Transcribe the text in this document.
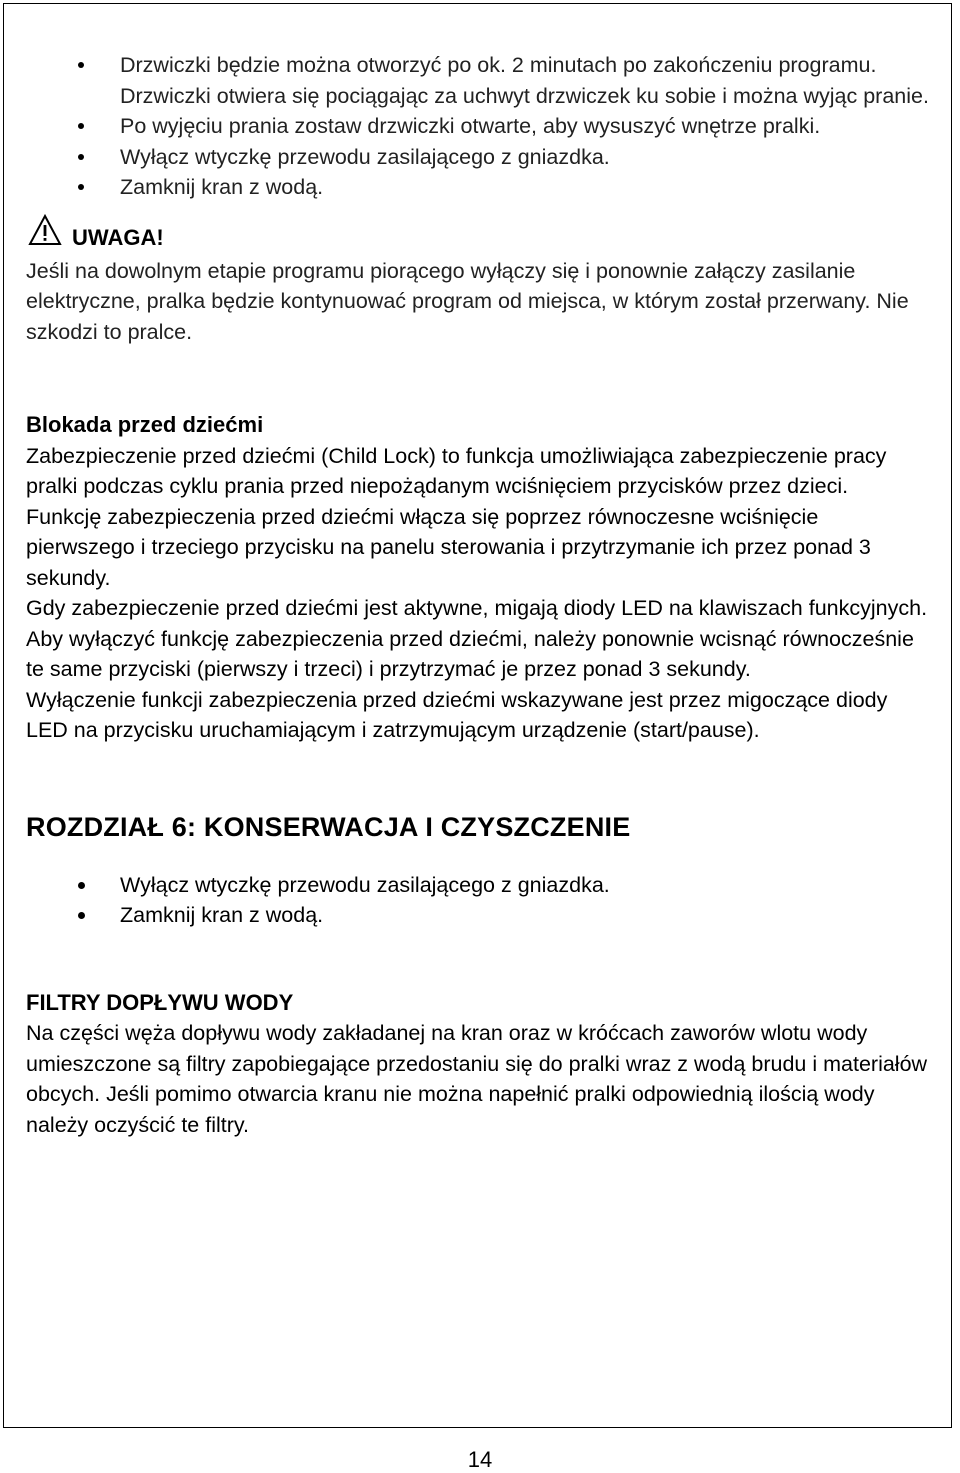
Drzwiczki będzie można otworzyć po ok. 2 minutach po zakończeniu programu. Drzwiczki otwiera się pociągając za uchwyt drzwiczek ku sobie i można wyjąc pranie.
Po wyjęciu prania zostaw drzwiczki otwarte, aby wysuszyć wnętrze pralki.
Wyłącz wtyczkę przewodu zasilającego z gniazdka.
Zamknij kran z wodą.
UWAGA!

Jeśli na dowolnym etapie programu piorącego wyłączy się i ponownie załączy zasilanie elektryczne, pralka będzie kontynuować program od miejsca, w którym został przerwany. Nie szkodzi to pralce.

Blokada przed dziećmi

Zabezpieczenie przed dziećmi (Child Lock) to funkcja umożliwiająca zabezpieczenie pracy pralki podczas cyklu prania przed niepożądanym wciśnięciem przycisków przez dzieci.

Funkcję zabezpieczenia przed dziećmi włącza się poprzez równoczesne wciśnięcie pierwszego i trzeciego przycisku na panelu sterowania i przytrzymanie ich przez ponad 3 sekundy.

Gdy zabezpieczenie przed dziećmi jest aktywne, migają diody LED na klawiszach funkcyjnych. Aby wyłączyć funkcję zabezpieczenia przed dziećmi, należy ponownie wcisnąć równocześnie te same przyciski (pierwszy i trzeci) i przytrzymać je przez ponad 3 sekundy.

Wyłączenie funkcji zabezpieczenia przed dziećmi wskazywane jest przez migoczące diody LED na przycisku uruchamiającym i zatrzymującym urządzenie (start/pause).

ROZDZIAŁ 6: KONSERWACJA I CZYSZCZENIE
Wyłącz wtyczkę przewodu zasilającego z gniazdka.
Zamknij kran z wodą.
FILTRY DOPŁYWU WODY

Na części węża dopływu wody zakładanej na kran oraz w króćcach zaworów wlotu wody umieszczone są filtry zapobiegające przedostaniu się do pralki wraz z wodą brudu i materiałów obcych. Jeśli pomimo otwarcia kranu nie można napełnić pralki odpowiednią ilością wody należy oczyścić te filtry.

14
